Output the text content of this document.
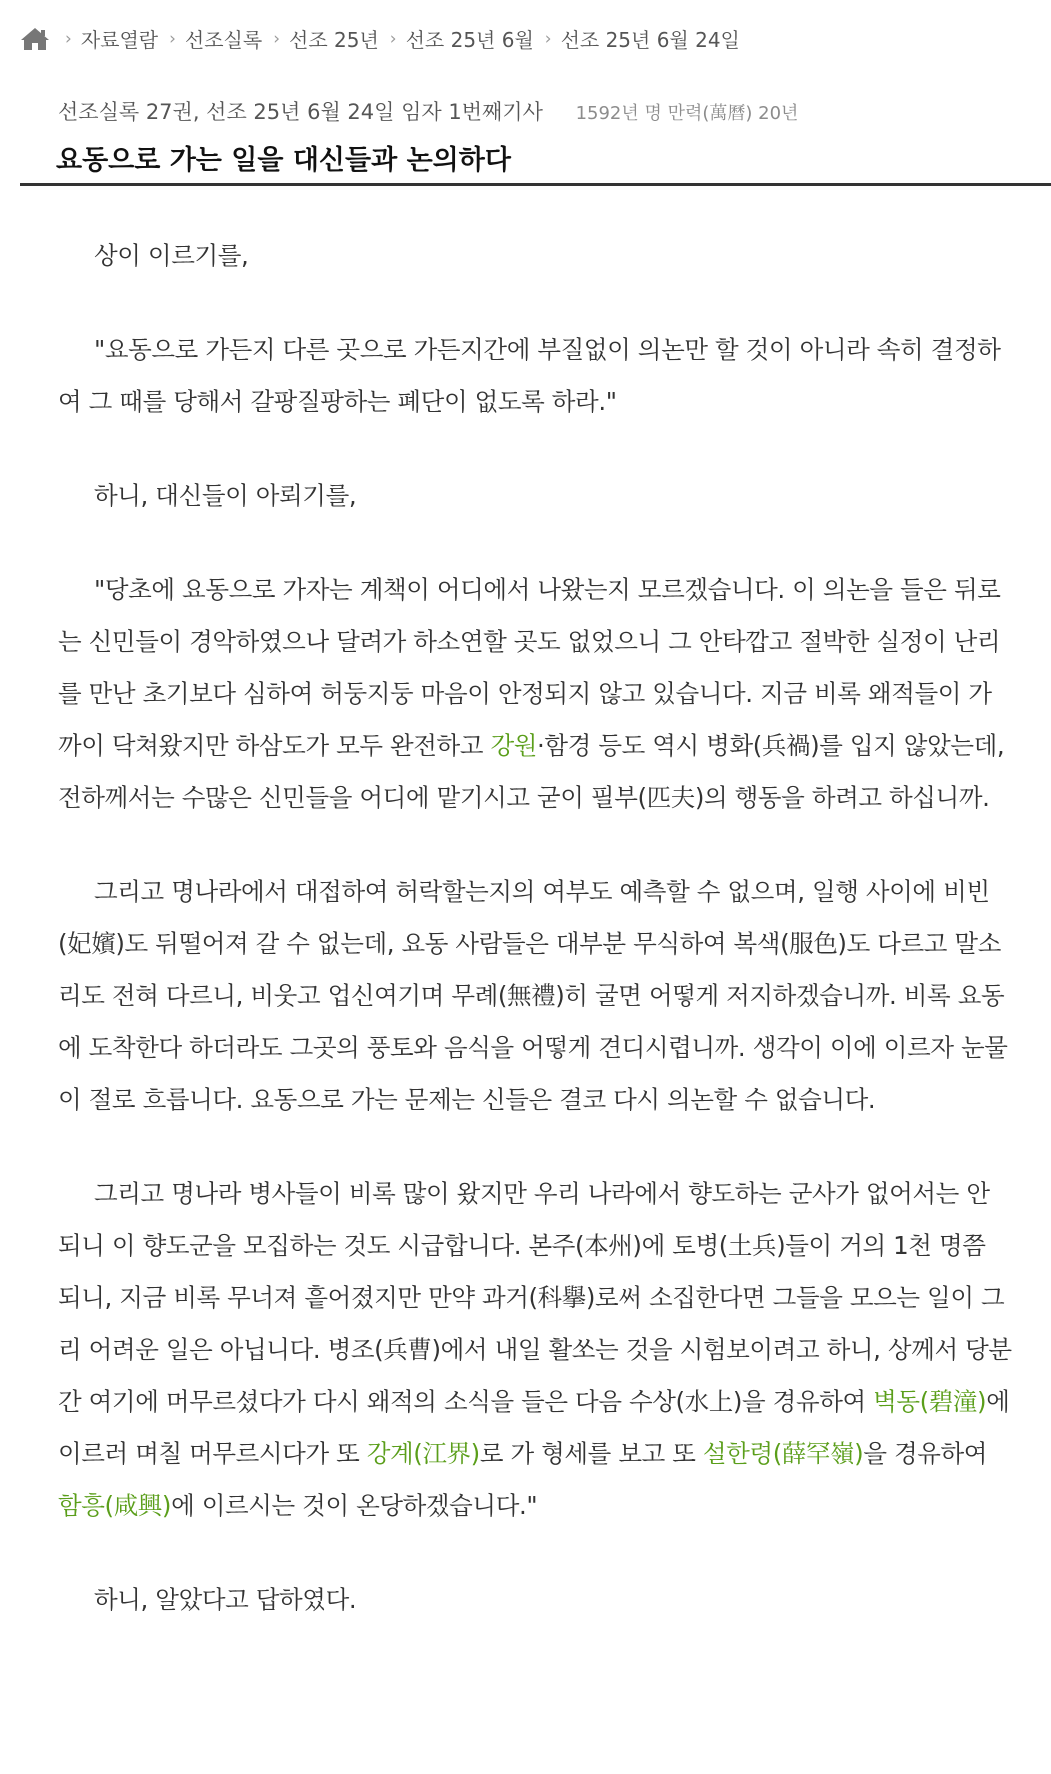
› 자료열람 › 선조실록 › 선조 25년 › 선조 25년 6월 › 선조 25년 6월 24일
선조실록 27권, 선조 25년 6월 24일 임자 1번째기사 1592년 명 만력(萬曆) 20년
요동으로 가는 일을 대신들과 논의하다

상이 이르기를,

"요동으로 가든지 다른 곳으로 가든지간에 부질없이 의논만 할 것이 아니라 속히 결정하여 그 때를 당해서 갈팡질팡하는 폐단이 없도록 하라."

하니, 대신들이 아뢰기를,

"당초에 요동으로 가자는 계책이 어디에서 나왔는지 모르겠습니다. 이 의논을 들은 뒤로는 신민들이 경악하였으나 달려가 하소연할 곳도 없었으니 그 안타깝고 절박한 실정이 난리를 만난 초기보다 심하여 허둥지둥 마음이 안정되지 않고 있습니다. 지금 비록 왜적들이 가까이 닥쳐왔지만 하삼도가 모두 완전하고 강원·함경 등도 역시 병화(兵禍)를 입지 않았는데, 전하께서는 수많은 신민들을 어디에 맡기시고 굳이 필부(匹夫)의 행동을 하려고 하십니까.

그리고 명나라에서 대접하여 허락할는지의 여부도 예측할 수 없으며, 일행 사이에 비빈(妃嬪)도 뒤떨어져 갈 수 없는데, 요동 사람들은 대부분 무식하여 복색(服色)도 다르고 말소리도 전혀 다르니, 비웃고 업신여기며 무례(無禮)히 굴면 어떻게 저지하겠습니까. 비록 요동에 도착한다 하더라도 그곳의 풍토와 음식을 어떻게 견디시렵니까. 생각이 이에 이르자 눈물이 절로 흐릅니다. 요동으로 가는 문제는 신들은 결코 다시 의논할 수 없습니다.

그리고 명나라 병사들이 비록 많이 왔지만 우리 나라에서 향도하는 군사가 없어서는 안 되니 이 향도군을 모집하는 것도 시급합니다. 본주(本州)에 토병(土兵)들이 거의 1천 명쯤 되니, 지금 비록 무너져 흩어졌지만 만약 과거(科擧)로써 소집한다면 그들을 모으는 일이 그리 어려운 일은 아닙니다. 병조(兵曹)에서 내일 활쏘는 것을 시험보이려고 하니, 상께서 당분간 여기에 머무르셨다가 다시 왜적의 소식을 들은 다음 수상(水上)을 경유하여 벽동(碧潼)에 이르러 며칠 머무르시다가 또 강계(江界)로 가 형세를 보고 또 설한령(薛罕嶺)을 경유하여 함흥(咸興)에 이르시는 것이 온당하겠습니다."

하니, 알았다고 답하였다.
